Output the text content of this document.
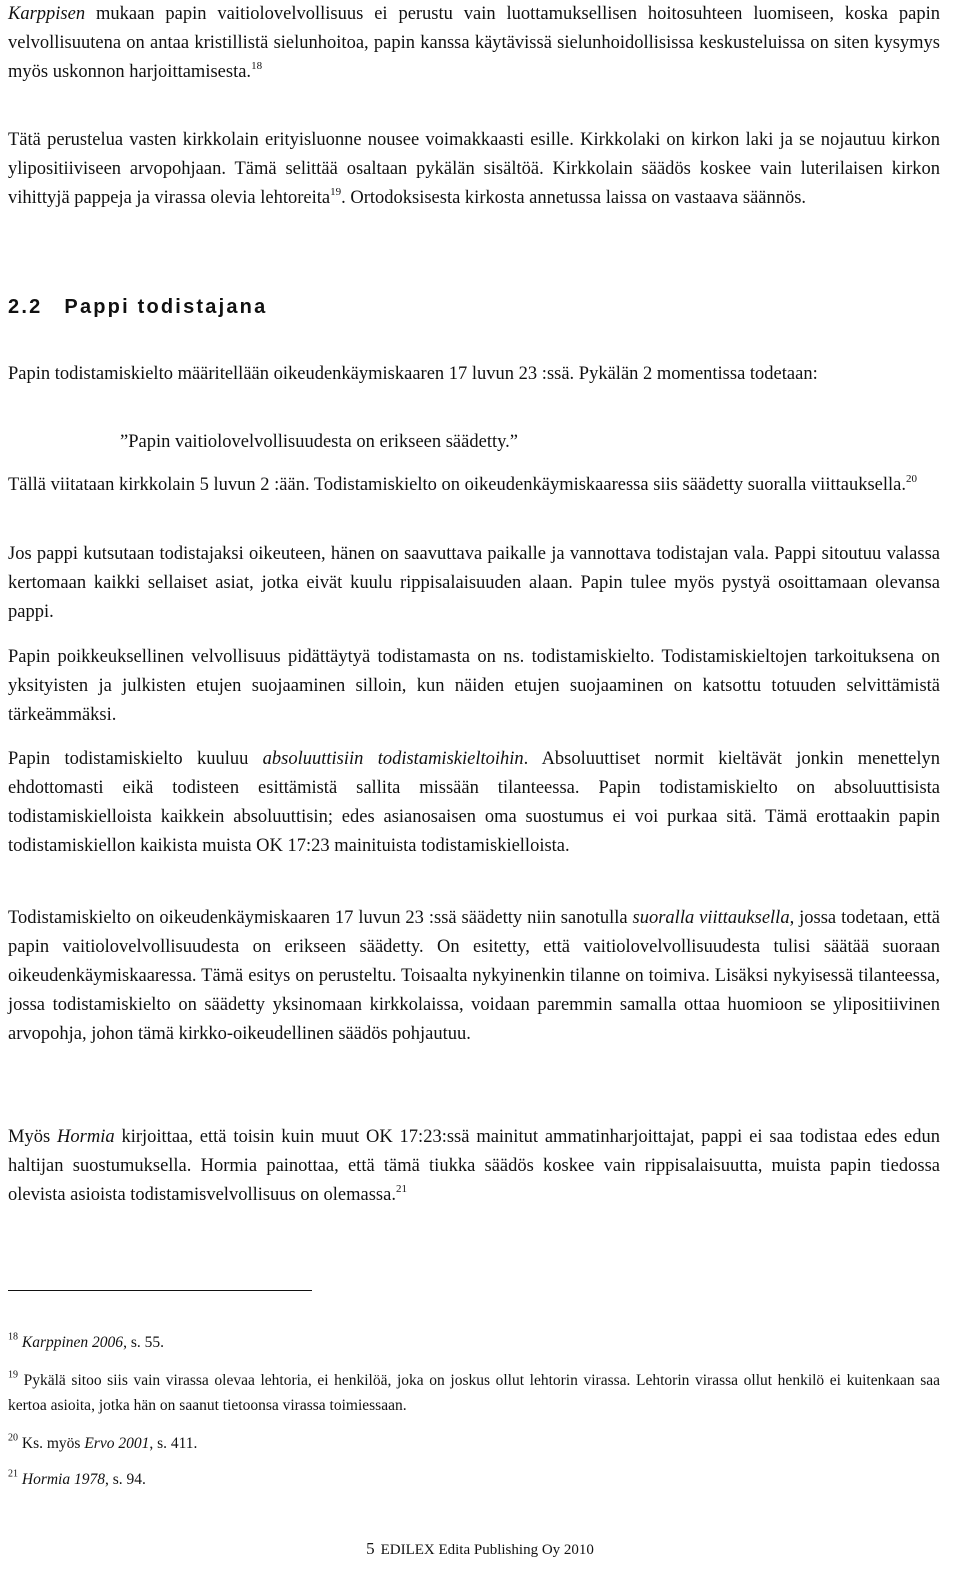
Karppisen mukaan papin vaitiolovelvollisuus ei perustu vain luottamuksellisen hoitosuhteen luomiseen, koska papin velvollisuutena on antaa kristillistä sielunhoitoa, papin kanssa käytävissä sielunhoidollisissa keskusteluissa on siten kysymys myös uskonnon harjoittamisesta.$^{18}$

Tätä perustelua vasten kirkkolain erityisluonne nousee voimakkaasti esille. Kirkkolaki on kirkon laki ja se nojautuu kirkon ylipositiiviseen arvopohjaan. Tämä selittää osaltaan pykälän sisältöä. Kirkkolain säädös koskee vain luterilaisen kirkon vihittyjä pappeja ja virassa olevia lehtoreita$^{19}$. Ortodoksisesta kirkosta annetussa laissa on vastaava säännös.

2.2 Pappi todistajana

Papin todistamiskielto määritellään oikeudenkäymiskaaren 17 luvun 23 :ssä. Pykälän 2 momentissa todetaan:

”Papin vaitiolovelvollisuudesta on erikseen säädetty.”

Tällä viitataan kirkkolain 5 luvun 2 :ään. Todistamiskielto on oikeudenkäymiskaaressa siis säädetty suoralla viittauksella.$^{20}$

Jos pappi kutsutaan todistajaksi oikeuteen, hänen on saavuttava paikalle ja vannottava todistajan vala. Pappi sitoutuu valassa kertomaan kaikki sellaiset asiat, jotka eivät kuulu rippisalaisuuden alaan. Papin tulee myös pystyä osoittamaan olevansa pappi.

Papin poikkeuksellinen velvollisuus pidättäytyä todistamasta on ns. todistamiskielto. Todistamiskieltojen tarkoituksena on yksityisten ja julkisten etujen suojaaminen silloin, kun näiden etujen suojaaminen on katsottu totuuden selvittämistä tärkeämmäksi.

Papin todistamiskielto kuuluu absoluuttisiin todistamiskieltoihin. Absoluuttiset normit kieltävät jonkin menettelyn ehdottomasti eikä todisteen esittämistä sallita missään tilanteessa. Papin todistamiskielto on absoluuttisista todistamiskielloista kaikkein absoluuttisin; edes asianosaisen oma suostumus ei voi purkaa sitä. Tämä erottaakin papin todistamiskiellon kaikista muista OK 17:23 mainituista todistamiskielloista.

Todistamiskielto on oikeudenkäymiskaaren 17 luvun 23 :ssä säädetty niin sanotulla suoralla viittauksella, jossa todetaan, että papin vaitiolovelvollisuudesta on erikseen säädetty. On esitetty, että vaitiolovelvollisuudesta tulisi säätää suoraan oikeudenkäymiskaaressa. Tämä esitys on perusteltu. Toisaalta nykyinenkin tilanne on toimiva. Lisäksi nykyisessä tilanteessa, jossa todistamiskielto on säädetty yksinomaan kirkkolaissa, voidaan paremmin samalla ottaa huomioon se ylipositiivinen arvopohja, johon tämä kirkko-oikeudellinen säädös pohjautuu.

Myös Hormia kirjoittaa, että toisin kuin muut OK 17:23:ssä mainitut ammatinharjoittajat, pappi ei saa todistaa edes edun haltijan suostumuksella. Hormia painottaa, että tämä tiukka säädös koskee vain rippisalaisuutta, muista papin tiedossa olevista asioista todistamisvelvollisuus on olemassa.$^{21}$

$^{18}$ Karppinen 2006, s. 55.

$^{19}$ Pykälä sitoo siis vain virassa olevaa lehtoria, ei henkilöä, joka on joskus ollut lehtorin virassa. Lehtorin virassa ollut henkilö ei kuitenkaan saa kertoa asioita, jotka hän on saanut tietoonsa virassa toimiessaan.

$^{20}$ Ks. myös Ervo 2001, s. 411.

$^{21}$ Hormia 1978, s. 94.

5 EDILEX Edita Publishing Oy 2010
